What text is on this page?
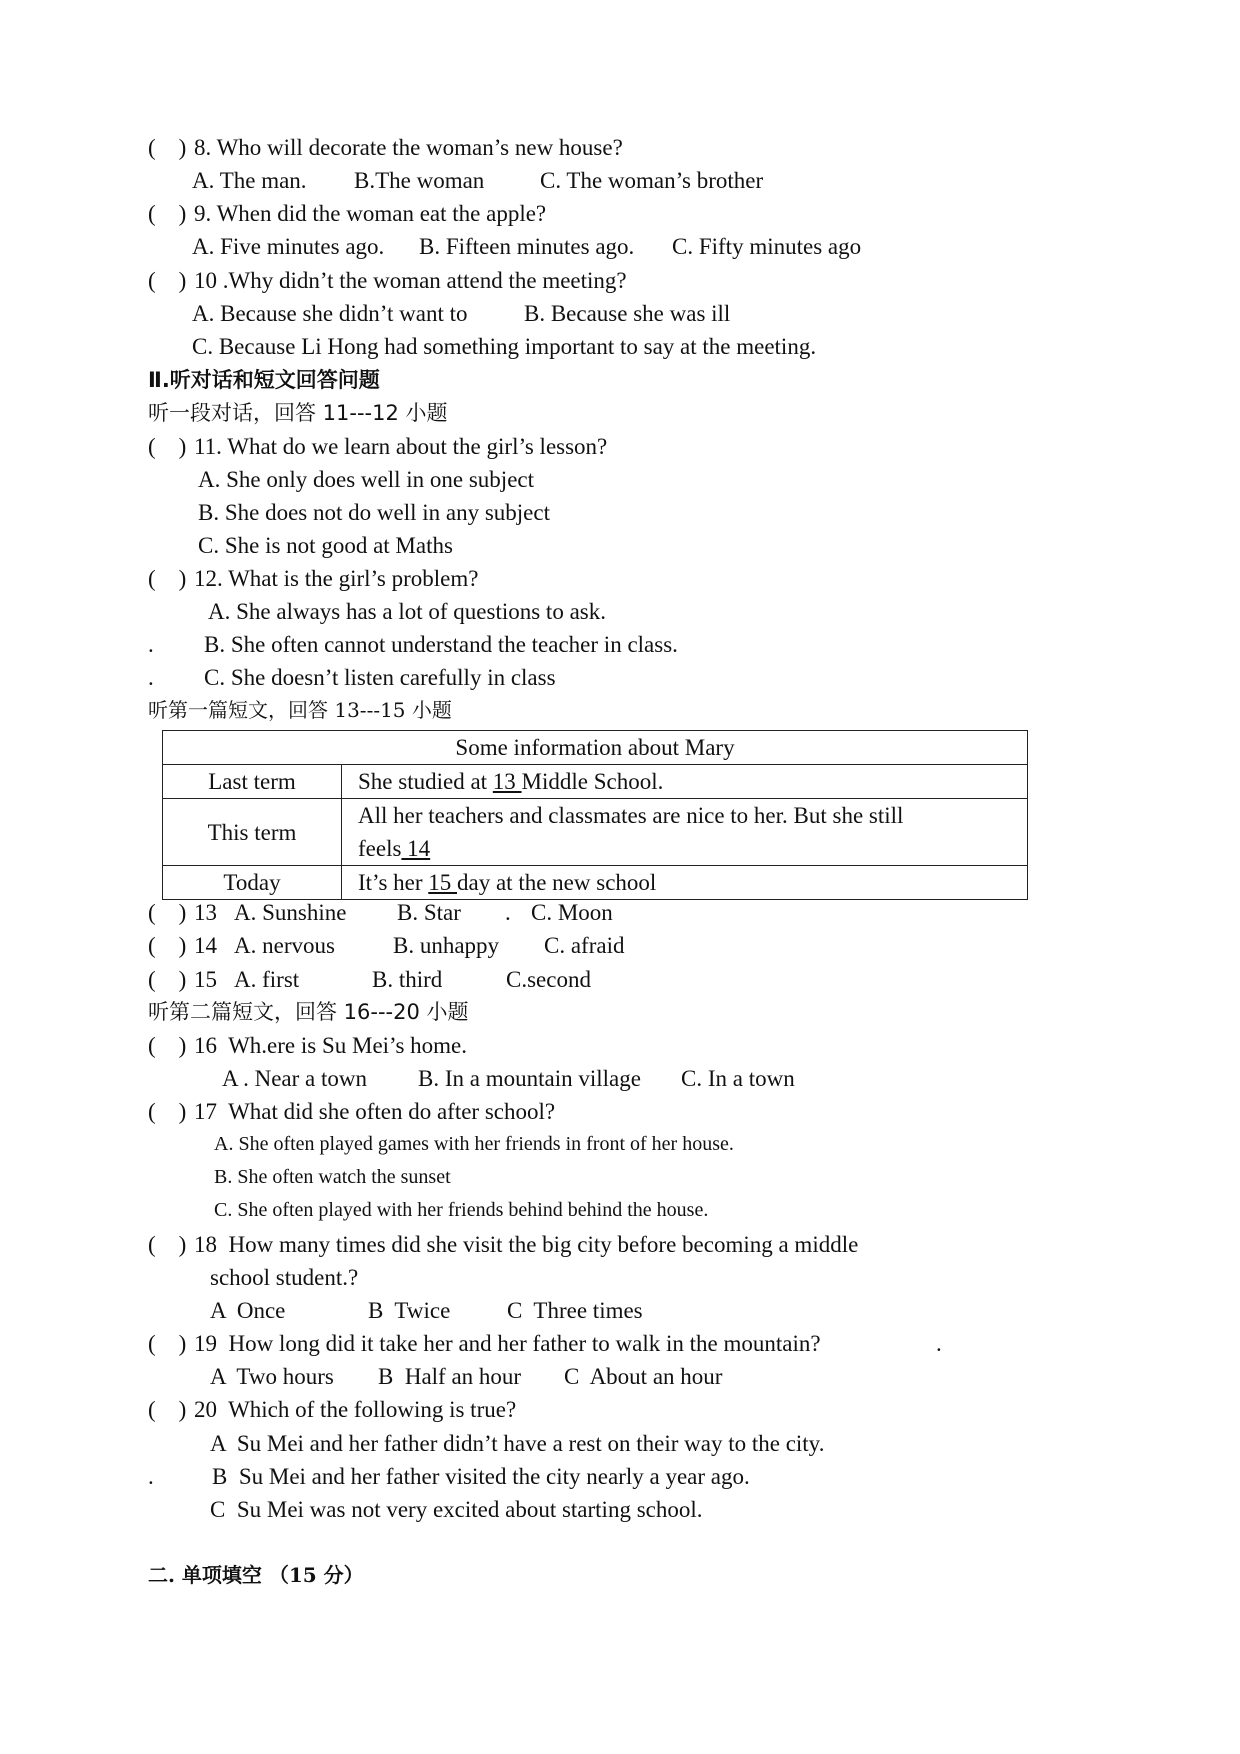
( ) 8. Who will decorate the woman’s new house?
A. The man. B.The woman C. The woman’s brother
( ) 9. When did the woman eat the apple?
A. Five minutes ago. B. Fifteen minutes ago. C. Fifty minutes ago
( ) 10 .Why didn’t the woman attend the meeting?
A. Because she didn’t want to B. Because she was ill
C. Because Li Hong had something important to say at the meeting.
Ⅱ.听对话和短文回答问题
听一段对话，回答 11---12 小题
( ) 11. What do we learn about the girl’s lesson?
A. She only does well in one subject
B. She does not do well in any subject
C. She is not good at Maths
( ) 12. What is the girl’s problem?
A. She always has a lot of questions to ask.
. B. She often cannot understand the teacher in class.
. C. She doesn’t listen carefully in class
听第一篇短文，回答 13---15 小题
Some information about Mary	
Last term	She studied at 13 Middle School.
This term	All her teachers and classmates are nice to her. But she still
feels 14

Today	It’s her 15 day at the new school
( ) 13 A. Sunshine B. Star . C. Moon
( ) 14 A. nervous	B. unhappy C. afraid
( ) 15 A. first	B. third	C.second
听第二篇短文，回答 16---20 小题
( ) 16  Wh.ere is Su Mei’s home.
A . Near a town B. In a mountain village C. In a town
( ) 17  What did she often do after school?
A. She often played games with her friends in front of her house.
B. She often watch the sunset
C. She often played with her friends behind behind the house.
( ) 18  How many times did she visit the big city before becoming a middle
school student.?
A  Once	B  Twice C  Three times
( ) 19  How long did it take her and her father to walk in the mountain?	.
A  Two hours B  Half an hour C  About an hour
( ) 20  Which of the following is true?
A  Su Mei and her father didn’t have a rest on their way to the city.
.	B  Su Mei and her father visited the city nearly a year ago.
C  Su Mei was not very excited about starting school.
二. 单项填空 （15 分）
